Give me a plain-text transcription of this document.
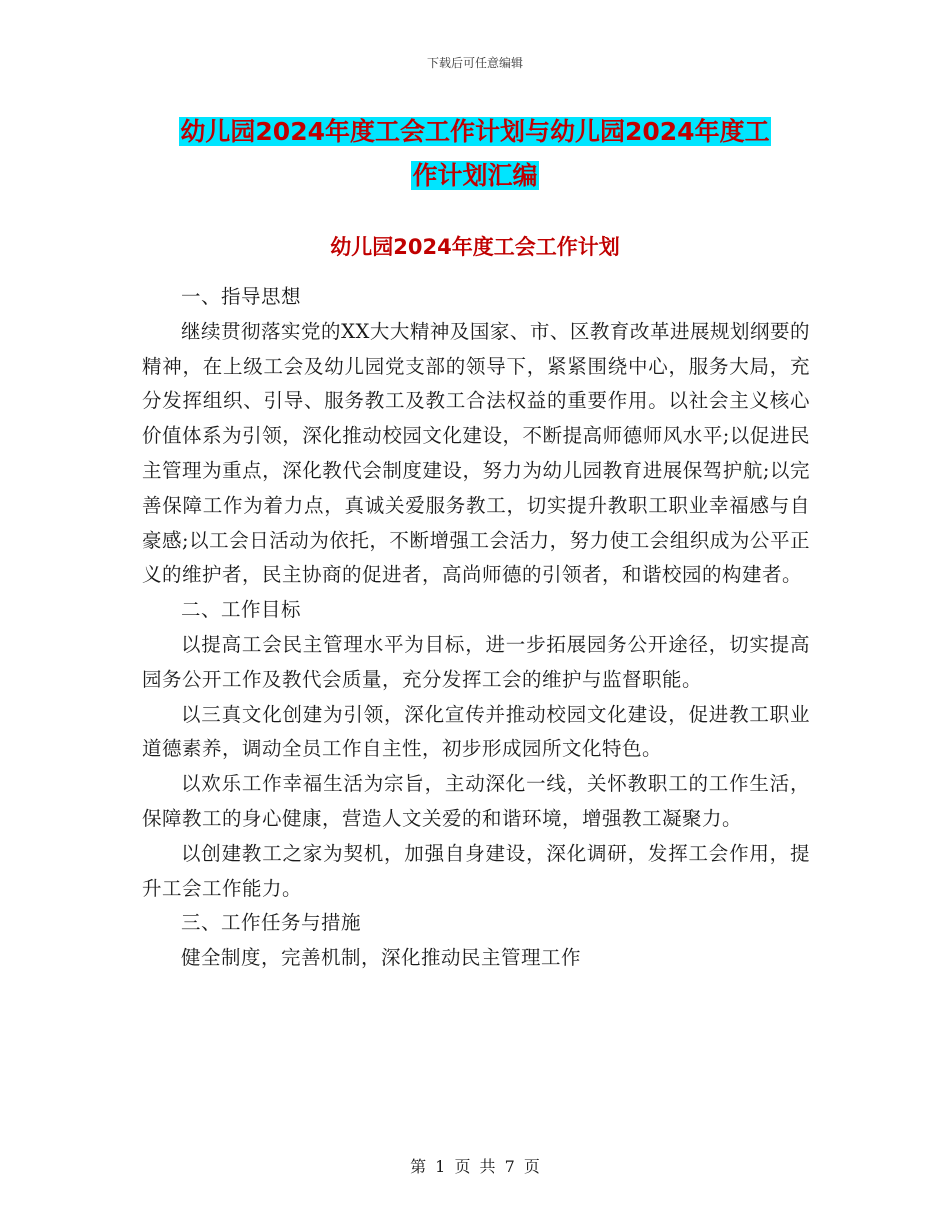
下载后可任意编辑
幼儿园2024年度工会工作计划与幼儿园2024年度工
作计划汇编
幼儿园2024年度工会工作计划

一、指导思想

继续贯彻落实党的XX大大精神及国家、市、区教育改革进展规划纲要的精神，在上级工会及幼儿园党支部的领导下，紧紧围绕中心，服务大局，充分发挥组织、引导、服务教工及教工合法权益的重要作用。以社会主义核心价值体系为引领，深化推动校园文化建设，不断提高师德师风水平;以促进民主管理为重点，深化教代会制度建设，努力为幼儿园教育进展保驾护航;以完善保障工作为着力点，真诚关爱服务教工，切实提升教职工职业幸福感与自豪感;以工会日活动为依托，不断增强工会活力，努力使工会组织成为公平正义的维护者，民主协商的促进者，高尚师德的引领者，和谐校园的构建者。

二、工作目标

以提高工会民主管理水平为目标，进一步拓展园务公开途径，切实提高园务公开工作及教代会质量，充分发挥工会的维护与监督职能。

以三真文化创建为引领，深化宣传并推动校园文化建设，促进教工职业道德素养，调动全员工作自主性，初步形成园所文化特色。

以欢乐工作幸福生活为宗旨，主动深化一线，关怀教职工的工作生活，保障教工的身心健康，营造人文关爱的和谐环境，增强教工凝聚力。

以创建教工之家为契机，加强自身建设，深化调研，发挥工会作用，提升工会工作能力。

三、工作任务与措施

健全制度，完善机制，深化推动民主管理工作

第 1 页 共 7 页
